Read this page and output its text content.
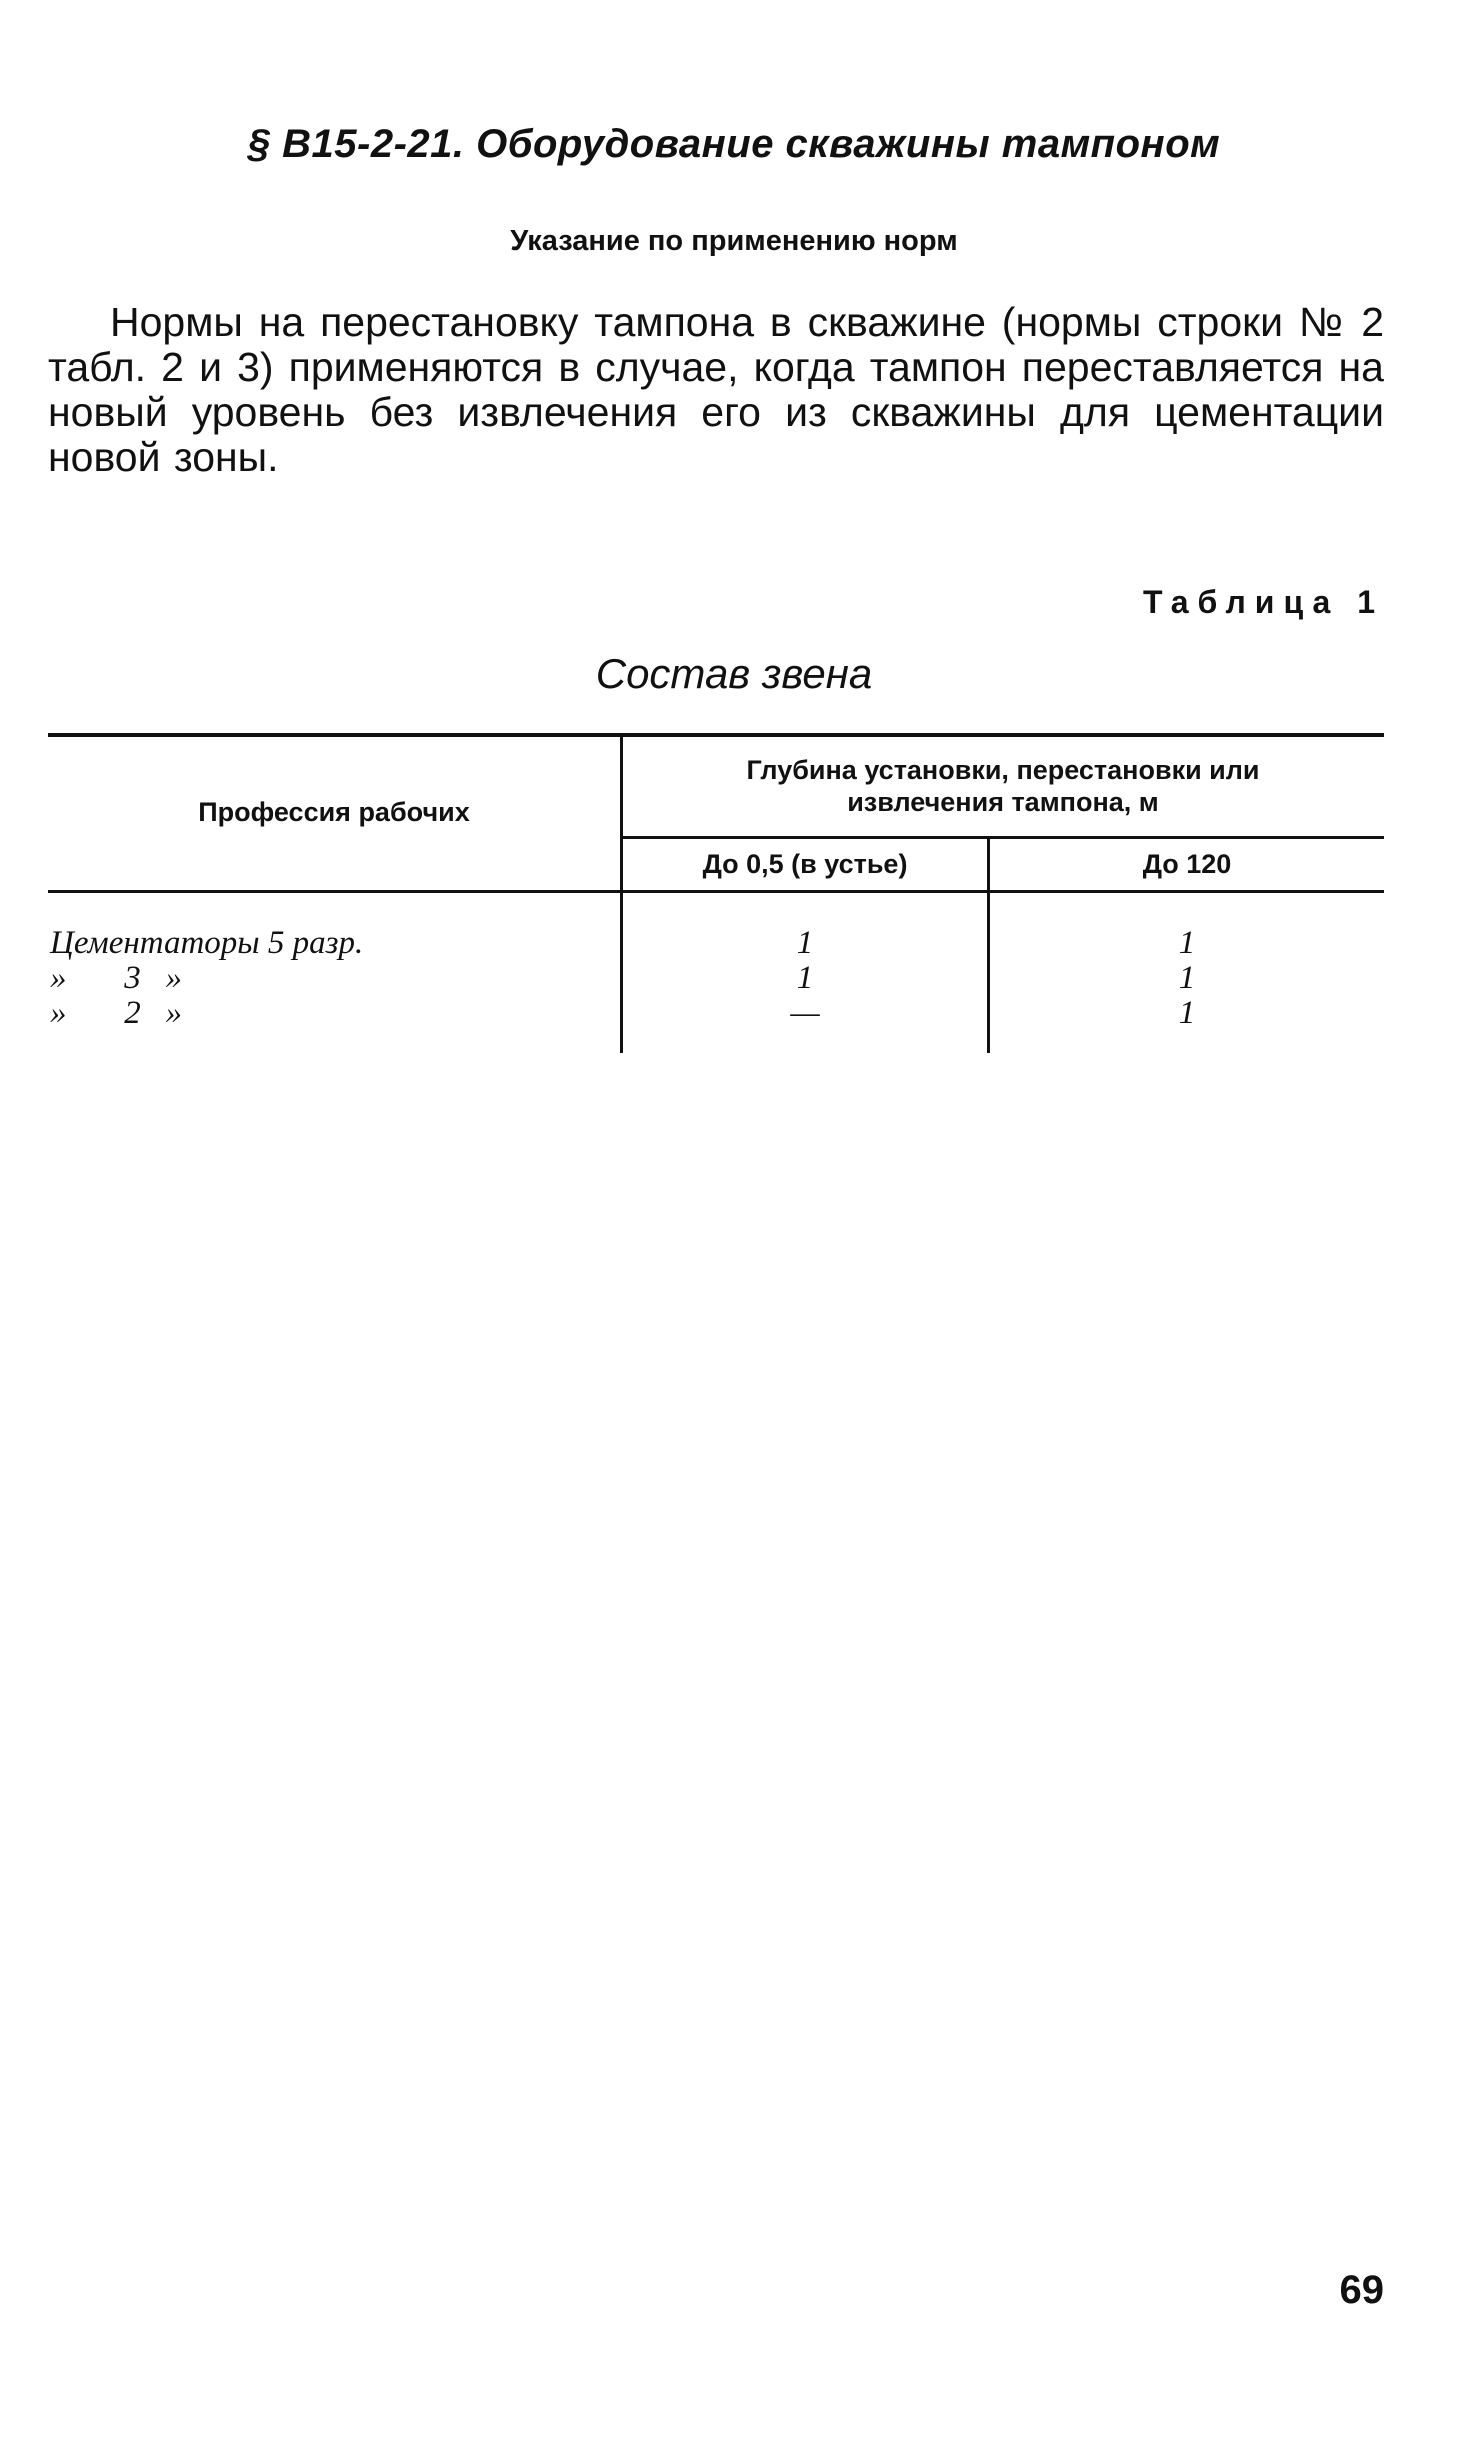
§ В15-2-21. Оборудование скважины тампоном
Указание по применению норм
Нормы на перестановку тампона в скважине (нормы строки № 2 табл. 2 и 3) применяются в случае, когда тампон переставляется на новый уровень без извлечения его из скважины для цементации новой зоны.
Таблица 1
Состав звена
Профессия рабочих
Глубина установки, перестановки или извлечения тампона, м
До 0,5 (в устье)	До 120
Цементаторы 5 разр.	1	1
»       3   »	1	1
»       2   »	—	1
69
